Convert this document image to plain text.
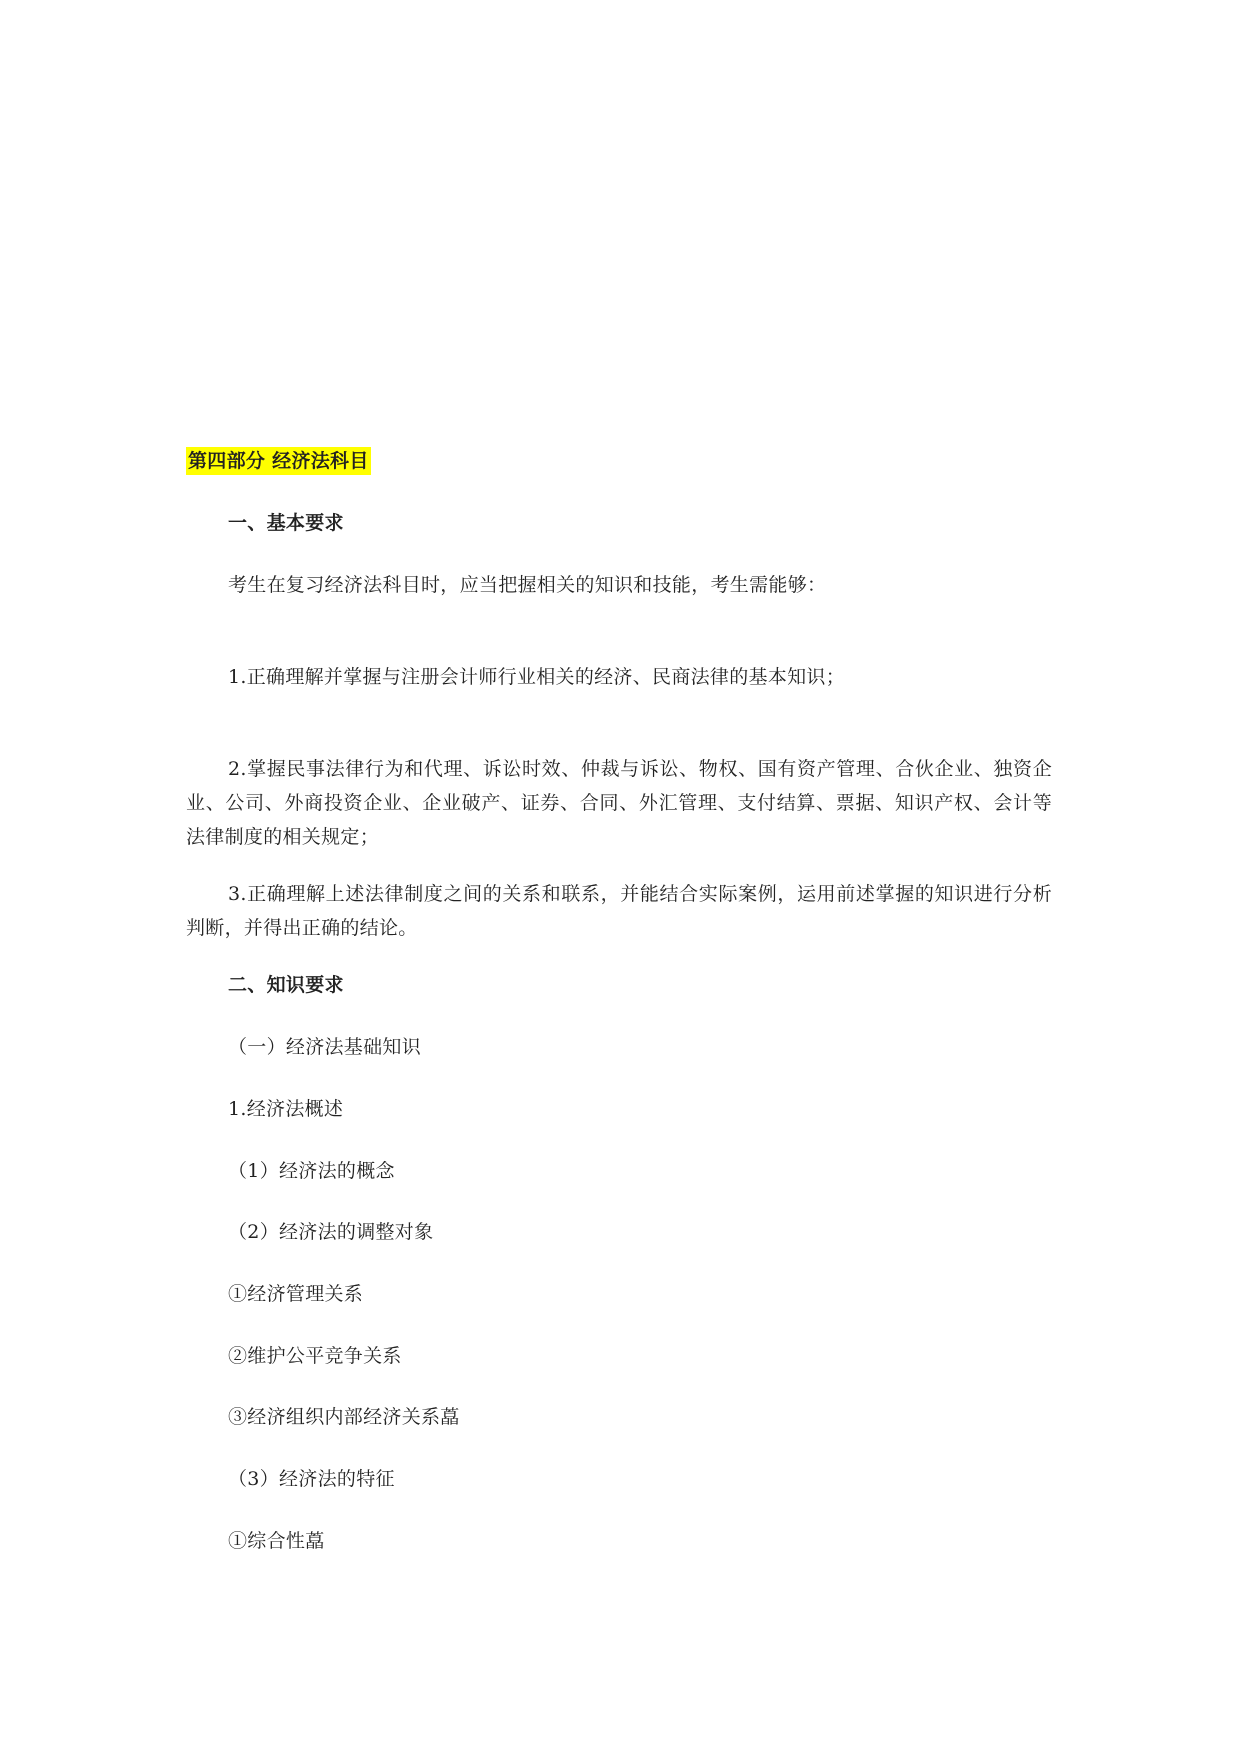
第四部分 经济法科目
一、基本要求
考生在复习经济法科目时，应当把握相关的知识和技能，考生需能够：
1.正确理解并掌握与注册会计师行业相关的经济、民商法律的基本知识；
2.掌握民事法律行为和代理、诉讼时效、仲裁与诉讼、物权、国有资产管理、合伙企业、独资企业、公司、外商投资企业、企业破产、证券、合同、外汇管理、支付结算、票据、知识产权、会计等法律制度的相关规定；
3.正确理解上述法律制度之间的关系和联系，并能结合实际案例，运用前述掌握的知识进行分析判断，并得出正确的结论。
二、知识要求
（一）经济法基础知识
1.经济法概述
（1）经济法的概念
（2）经济法的调整对象
①经济管理关系
②维护公平竞争关系
③经济组织内部经济关系藠
（3）经济法的特征
①综合性藠
